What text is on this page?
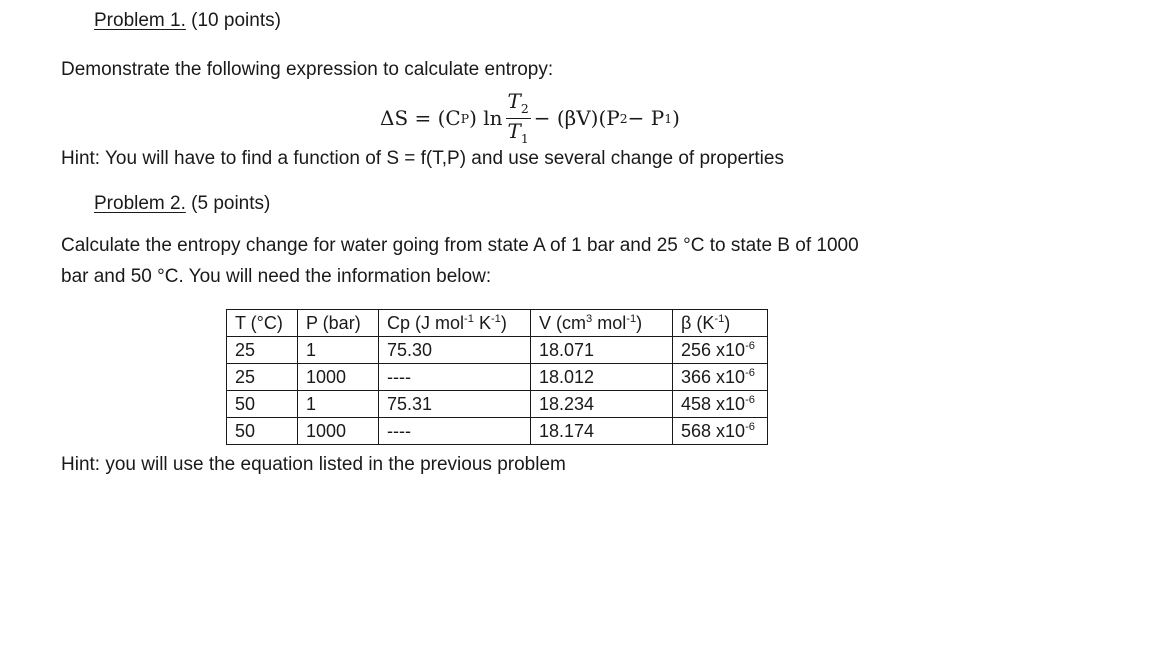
Problem 1. (10 points)
Demonstrate the following expression to calculate entropy:
ΔS = (C P ) $\ln \frac{T_2}{T_1} - (\beta V)(P$ 2 − P 1 )
Hint: You will have to find a function of S = f(T,P) and use several change of properties
Problem 2. (5 points)
Calculate the entropy change for water going from state A of 1 bar and 25 °C to state B of 1000
bar and 50 °C. You will need the information below:
T (°C)	P (bar)	Cp (J mol$^{-1}$ $K^{-1}$)	V ($cm^3$ mol$^{-1}$)	β $(K^{-1})$
25	1	75.30	18.071	256 $x10^{-6}$
25	1000	----	18.012	366 $x10^{-6}$
50	1	75.31	18.234	458 $x10^{-6}$
50	1000	----	18.174	568 $x10^{-6}$
Hint: you will use the equation listed in the previous problem
